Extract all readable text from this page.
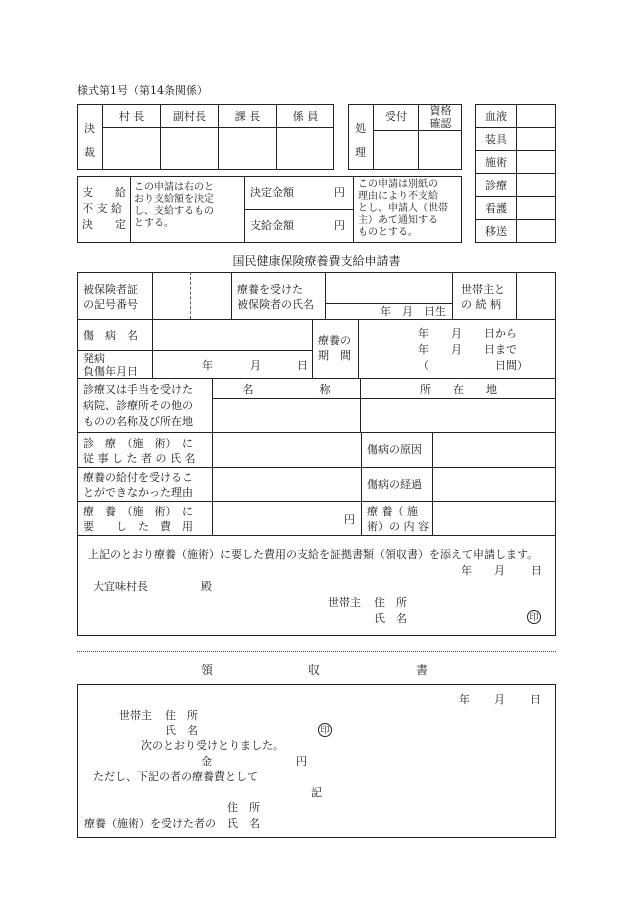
様式第1号（第14条関係）
決
裁
村 長	副村長	課 長	係 員
処
理
受付	資格
確認
血液
装具
施術
診療
看護
移送
支　　給
不 支 給
決　　定
この申請は右のと
おり支給額を決定
し、支給するもの
とする。
決定金額	円
支給金額	円
この申請は別紙の
理由により不支給
とし、申請人（世帯
主）あて通知する
ものとする。
国民健康保険療養費支給申請書
被保険者証
の記号番号
療養を受けた
被保険者の氏名
年　月　日生
世帯主と
の 続 柄
傷　病　名
発病
負傷年月日	年	月	日
療養の
期　間
年　　月　　日から
年　　月　　日まで
（　　　　　　日間）
診療又は手当を受けた
病院、診療所その他の
ものの名称及び所在地
名　　　　　　称	所　　在　　地
診　療　（施　術）　に
従 事 し た 者 の 氏 名
傷病の原因
療養の給付を受けるこ
とができなかった理由
傷病の経過
療　養　（施　術）　に
要　　し　た　費　用
円
療 養（ 施
術）の 内 容
上記のとおり療養（施術）に要した費用の支給を証拠書類（領収書）を添えて申請します。
年 月 日
大宜味村長	殿
世帯主 住　所
氏　名	印
領	収	書
年 月 日
世帯主 住　所
氏　名	印
次のとおり受けとりました。
金	円
ただし、下記の者の療養費として
記
住　所
療養（施術）を受けた者の 氏　名
